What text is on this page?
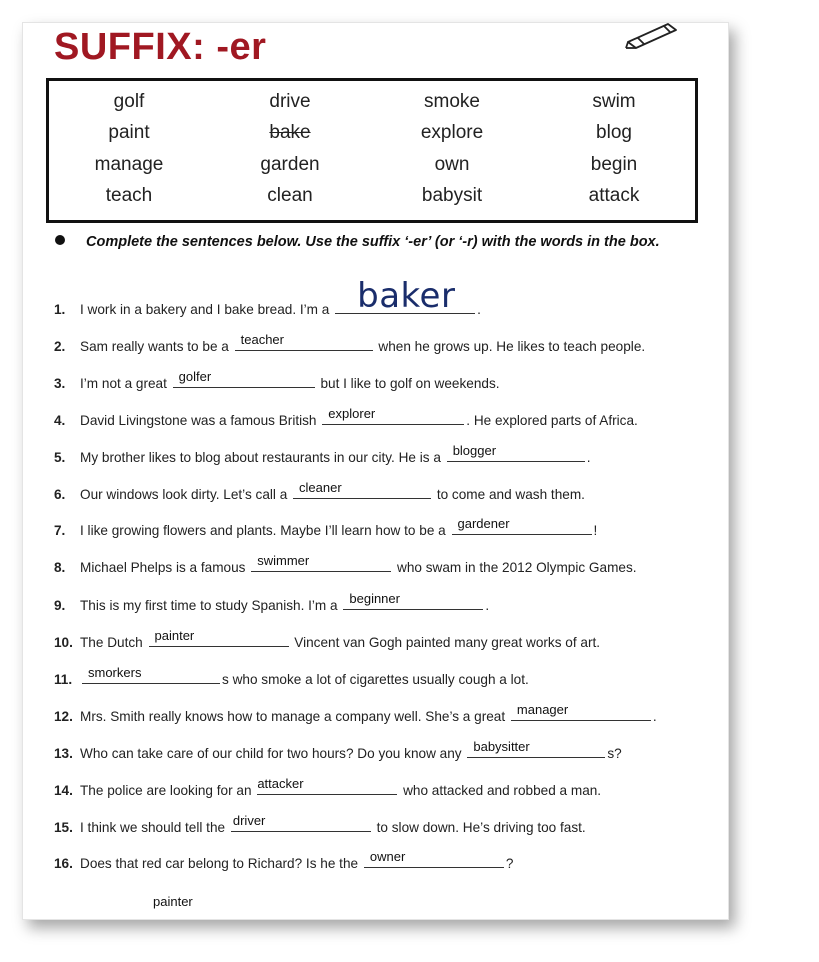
SUFFIX: -er
golf	drive	smoke	swim
paint	bake	explore	blog
manage	garden	own	begin
teach	clean	babysit	attack
Complete the sentences below. Use the suffix ‘-er’ (or ‘-r) with the words in the box.
1. I work in a bakery and I bake bread. I’m a baker .
2. Sam really wants to be a teacher	when he grows up. He likes to teach people.
3. I’m not a great golfer	but I like to golf on weekends.
4. David Livingstone was a famous British explorer	. He explored parts of Africa.
5. My brother likes to blog about restaurants in our city. He is a blogger	.
6. Our windows look dirty. Let’s call a cleaner	to come and wash them.
7. I like growing flowers and plants. Maybe I’ll learn how to be a gardener	!
8. Michael Phelps is a famous swimmer	who swam in the 2012 Olympic Games.
9. This is my first time to study Spanish. I’m a beginner	.
10. The Dutch painter	Vincent van Gogh painted many great works of art.
11. smorkers	s who smoke a lot of cigarettes usually cough a lot.
12. Mrs. Smith really knows how to manage a company well. She’s a great manager	.
13. Who can take care of our child for two hours? Do you know any babysitter	s?
14. The police are looking for an attacker	who attacked and robbed a man.
15. I think we should tell the driver	to slow down. He’s driving too fast.
16. Does that red car belong to Richard? Is he the owner	?
painter
